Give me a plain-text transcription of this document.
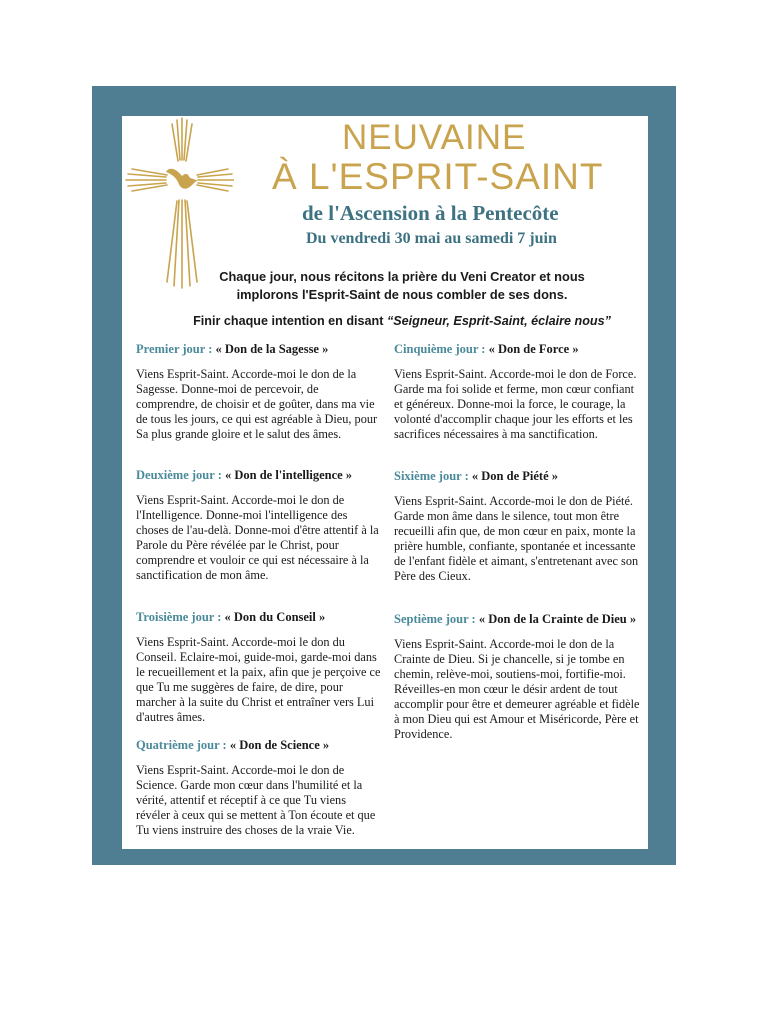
NEUVAINE
À L'ESPRIT-SAINT
de l'Ascension à la Pentecôte
Du vendredi 30 mai au samedi 7 juin
Chaque jour, nous récitons la prière du Veni Creator et nous implorons l'Esprit-Saint de nous combler de ses dons.
Finir chaque intention en disant “Seigneur, Esprit-Saint, éclaire nous”

Premier jour : « Don de la Sagesse »

Viens Esprit-Saint. Accorde-moi le don de la Sagesse. Donne-moi de percevoir, de comprendre, de choisir et de goûter, dans ma vie de tous les jours, ce qui est agréable à Dieu, pour Sa plus grande gloire et le salut des âmes.

Deuxième jour : « Don de l'intelligence »

Viens Esprit-Saint. Accorde-moi le don de l'Intelligence. Donne-moi l'intelligence des choses de l'au-delà. Donne-moi d'être attentif à la Parole du Père révélée par le Christ, pour comprendre et vouloir ce qui est nécessaire à la sanctification de mon âme.

Troisième jour : « Don du Conseil »

Viens Esprit-Saint. Accorde-moi le don du Conseil. Eclaire-moi, guide-moi, garde-moi dans le recueillement et la paix, afin que je perçoive ce que Tu me suggères de faire, de dire, pour marcher à la suite du Christ et entraîner vers Lui d'autres âmes.

Quatrième jour : « Don de Science »

Viens Esprit-Saint. Accorde-moi le don de Science. Garde mon cœur dans l'humilité et la vérité, attentif et réceptif à ce que Tu viens révéler à ceux qui se mettent à Ton écoute et que Tu viens instruire des choses de la vraie Vie.

Cinquième jour : « Don de Force »

Viens Esprit-Saint. Accorde-moi le don de Force. Garde ma foi solide et ferme, mon cœur confiant et généreux. Donne-moi la force, le courage, la volonté d'accomplir chaque jour les efforts et les sacrifices nécessaires à ma sanctification.

Sixième jour : « Don de Piété »

Viens Esprit-Saint. Accorde-moi le don de Piété. Garde mon âme dans le silence, tout mon être recueilli afin que, de mon cœur en paix, monte la prière humble, confiante, spontanée et incessante de l'enfant fidèle et aimant, s'entretenant avec son Père des Cieux.

Septième jour : « Don de la Crainte de Dieu »

Viens Esprit-Saint. Accorde-moi le don de la Crainte de Dieu. Si je chancelle, si je tombe en chemin, relève-moi, soutiens-moi, fortifie-moi. Réveilles-en mon cœur le désir ardent de tout accomplir pour être et demeurer agréable et fidèle à mon Dieu qui est Amour et Miséricorde, Père et Providence.
